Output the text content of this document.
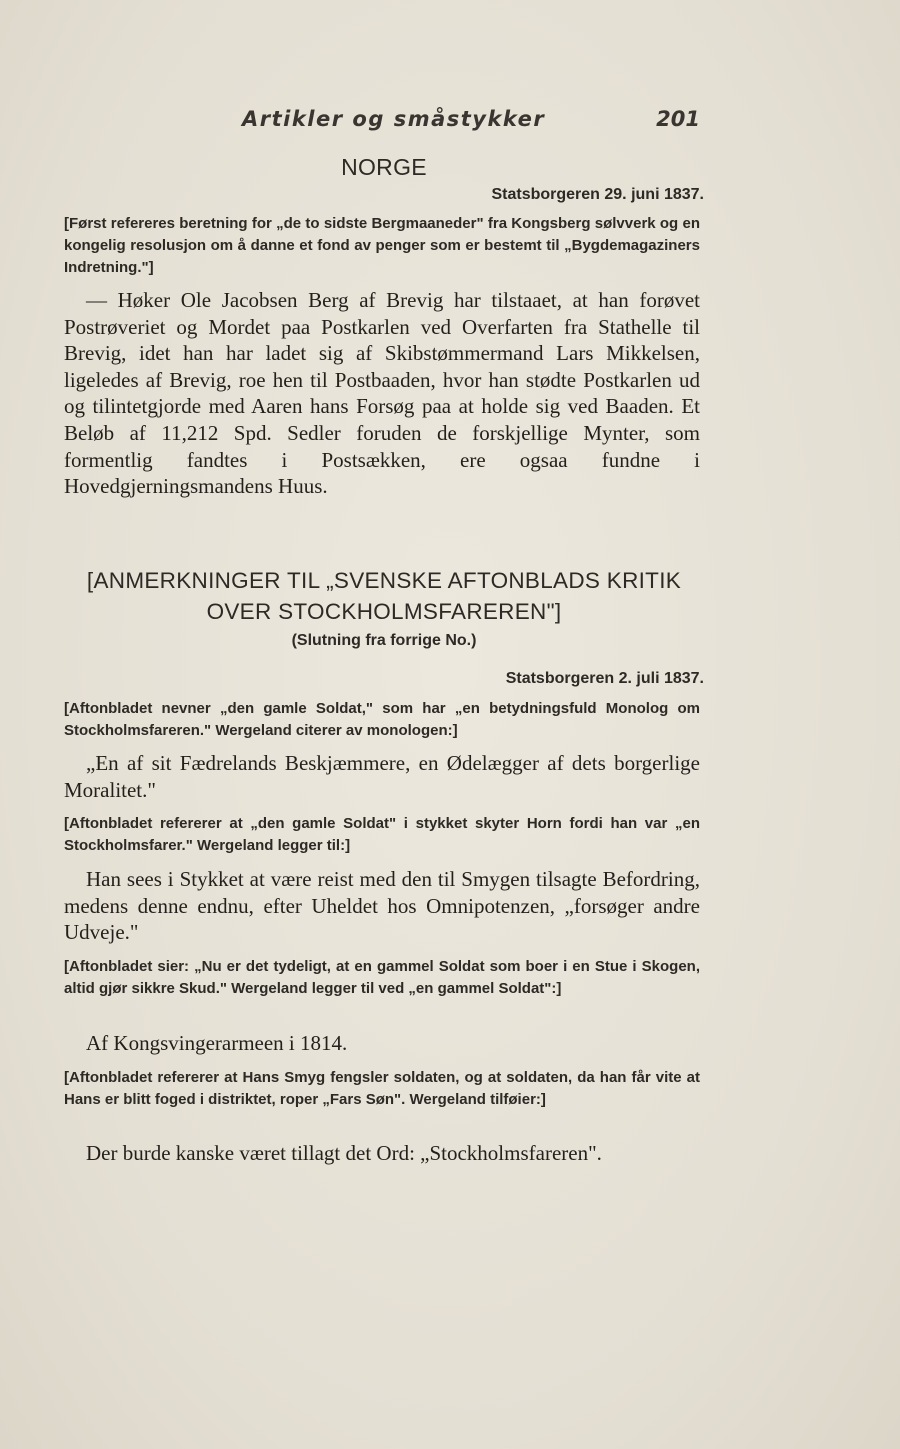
Artikler og småstykker	201
NORGE
Statsborgeren 29. juni 1837.
[Først refereres beretning for „de to sidste Bergmaaneder" fra Kongsberg sølvverk og en kongelig resolusjon om å danne et fond av penger som er bestemt til „Bygdemagaziners Indretning."]
— Høker Ole Jacobsen Berg af Brevig har tilstaaet, at han forøvet Postrøveriet og Mordet paa Postkarlen ved Overfarten fra Stathelle til Brevig, idet han har ladet sig af Skibstømmermand Lars Mikkelsen, ligeledes af Brevig, roe hen til Postbaaden, hvor han stødte Postkarlen ud og tilintetgjorde med Aaren hans Forsøg paa at holde sig ved Baaden. Et Beløb af 11,212 Spd. Sedler foruden de forskjellige Mynter, som formentlig fandtes i Postsækken, ere ogsaa fundne i Hovedgjerningsmandens Huus.
[ANMERKNINGER TIL „SVENSKE AFTONBLADS KRITIK
OVER STOCKHOLMSFAREREN"]
(Slutning fra forrige No.)
Statsborgeren 2. juli 1837.
[Aftonbladet nevner „den gamle Soldat," som har „en betydningsfuld Monolog om Stockholmsfareren." Wergeland citerer av monologen:]
„En af sit Fædrelands Beskjæmmere, en Ødelægger af dets borgerlige Moralitet."
[Aftonbladet refererer at „den gamle Soldat" i stykket skyter Horn fordi han var „en Stockholmsfarer." Wergeland legger til:]
Han sees i Stykket at være reist med den til Smygen tilsagte Befordring, medens denne endnu, efter Uheldet hos Omnipotenzen, „forsøger andre Udveje."
[Aftonbladet sier: „Nu er det tydeligt, at en gammel Soldat som boer i en Stue i Skogen, altid gjør sikkre Skud." Wergeland legger til ved „en gammel Soldat":]
Af Kongsvingerarmeen i 1814.
[Aftonbladet refererer at Hans Smyg fengsler soldaten, og at soldaten, da han får vite at Hans er blitt foged i distriktet, roper „Fars Søn". Wergeland tilføier:]
Der burde kanske været tillagt det Ord: „Stockholmsfareren".
